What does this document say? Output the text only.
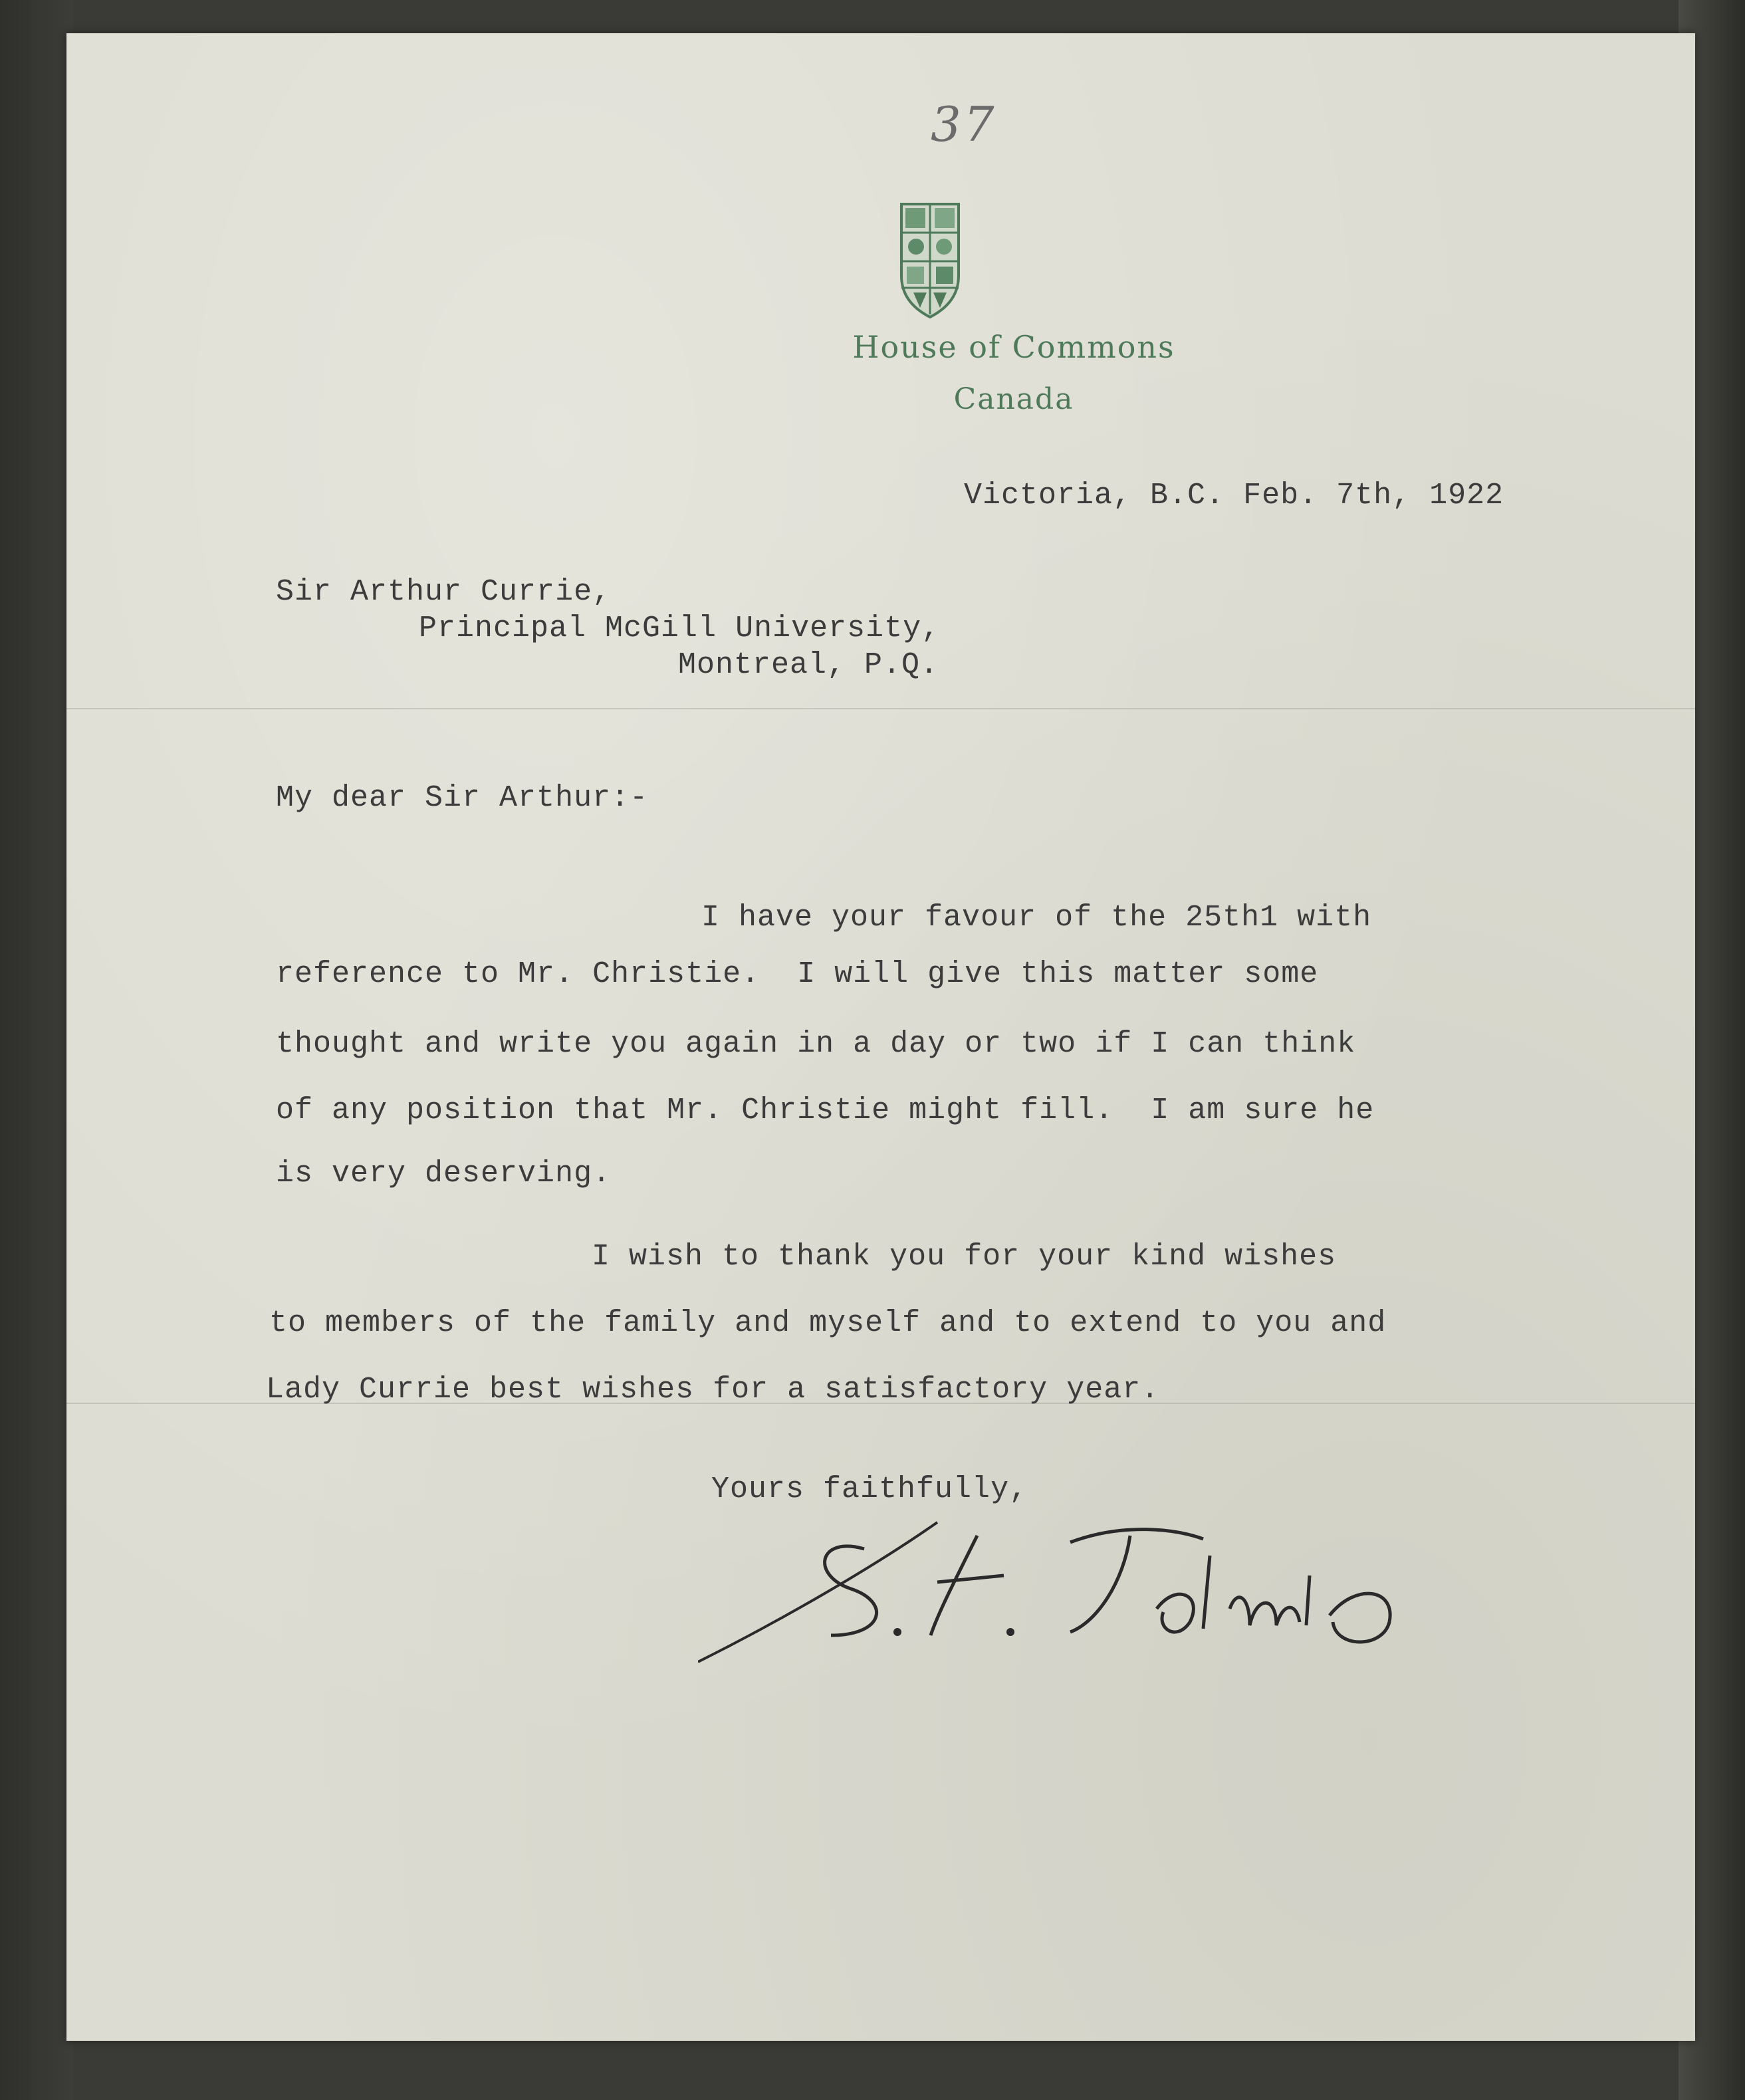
37
House of Commons
Canada
Victoria, B.C. Feb. 7th, 1922
Sir Arthur Currie,
Principal McGill University,
Montreal, P.Q.
My dear Sir Arthur:-
I have your favour of the 25th1 with
reference to Mr. Christie.  I will give this matter some
thought and write you again in a day or two if I can think
of any position that Mr. Christie might fill.  I am sure he
is very deserving.
I wish to thank you for your kind wishes
to members of the family and myself and to extend to you and
Lady Currie best wishes for a satisfactory year.
Yours faithfully,
